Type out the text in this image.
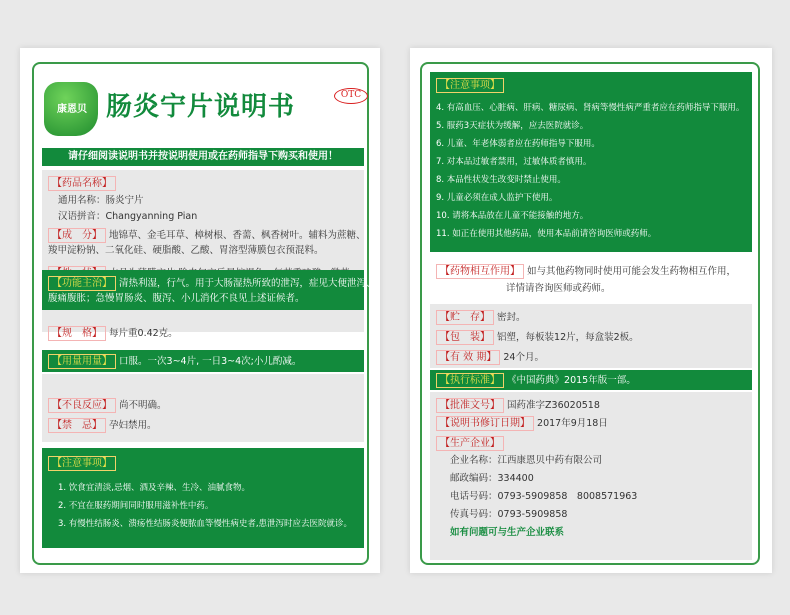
康恩贝 肠炎宁片说明书	OTC
请仔细阅读说明书并按说明使用或在药师指导下购买和使用！
【药品名称】
通用名称：肠炎宁片
汉语拼音：Changyanning Pian
【成　分】 地锦草、金毛耳草、樟树根、香薷、枫香树叶。辅料为蔗糖、
羧甲淀粉钠、二氧化硅、硬脂酸、乙酸、胃溶型薄膜包衣预混料。
【功能主治】 清热利湿，行气。用于大肠湿热所致的泄泻，症见大便泄泻、
腹痛腹胀；急慢胃肠炎、腹泻、小儿消化不良见上述证候者。
【规　格】 每片重0.42克。
【用量用量】 口服。一次3~4片, 一日3~4次;小儿酌减。
【不良反应】 尚不明确。
【禁　忌】 孕妇禁用。
【注意事项】
1. 饮食宜清淡,忌烟、酒及辛辣、生冷、油腻食物。
2. 不宜在服药期间同时服用滋补性中药。
3. 有慢性结肠炎、溃疡性结肠炎便脓血等慢性病史者,患泄泻时应去医院就诊。
【注意事项】
4. 有高血压、心脏病、肝病、糖尿病、肾病等慢性病严重者应在药师指导下服用。
5. 服药3天症状为缓解，应去医院就诊。
6. 儿童、年老体弱者应在药师指导下服用。
7. 对本品过敏者禁用，过敏体质者慎用。
8. 本品性状发生改变时禁止使用。
9. 儿童必须在成人监护下使用。
10. 请将本品放在儿童不能接触的地方。
11. 如正在使用其他药品，使用本品前请咨询医师或药师。
【药物相互作用】 如与其他药物同时使用可能会发生药物相互作用，
详情请咨询医师或药师。
【贮　存】 密封。
【包　装】 铝塑，每板装12片，每盒装2板。
【有 效 期】 24个月。
【执行标准】 《中国药典》2015年版一部。
【批准文号】 国药准字Z36020518
【说明书修订日期】 2017年9月18日
【生产企业】
企业名称：江西康恩贝中药有限公司
邮政编码：334400
电话号码：0793-5909858　8008571963
传真号码：0793-5909858
如有问题可与生产企业联系
